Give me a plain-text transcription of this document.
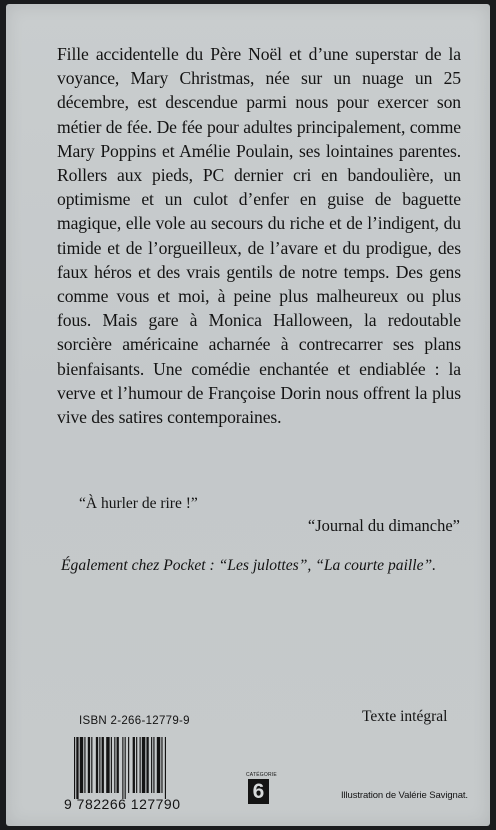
Fille accidentelle du Père Noël et d’une superstar de la voyance, Mary Christmas, née sur un nuage un 25 décembre, est descendue parmi nous pour exercer son métier de fée. De fée pour adultes principalement, comme Mary Poppins et Amélie Poulain, ses lointaines parentes. Rollers aux pieds, PC dernier cri en bandoulière, un optimisme et un culot d’enfer en guise de baguette magique, elle vole au secours du riche et de l’indigent, du timide et de l’orgueilleux, de l’avare et du prodigue, des faux héros et des vrais gentils de notre temps. Des gens comme vous et moi, à peine plus malheureux ou plus fous. Mais gare à Monica Halloween, la redoutable sorcière américaine acharnée à contrecarrer ses plans bienfaisants. Une comédie enchantée et endiablée : la verve et l’humour de Françoise Dorin nous offrent la plus vive des satires contemporaines.

“À hurler de rire !”

“Journal du dimanche”

Également chez Pocket : “Les julottes”, “La courte paille”.

ISBN 2-266-12779-9	Texte intégral

9 782266 127790

CATÉGORIE

6	Illustration de Valérie Savignat.
